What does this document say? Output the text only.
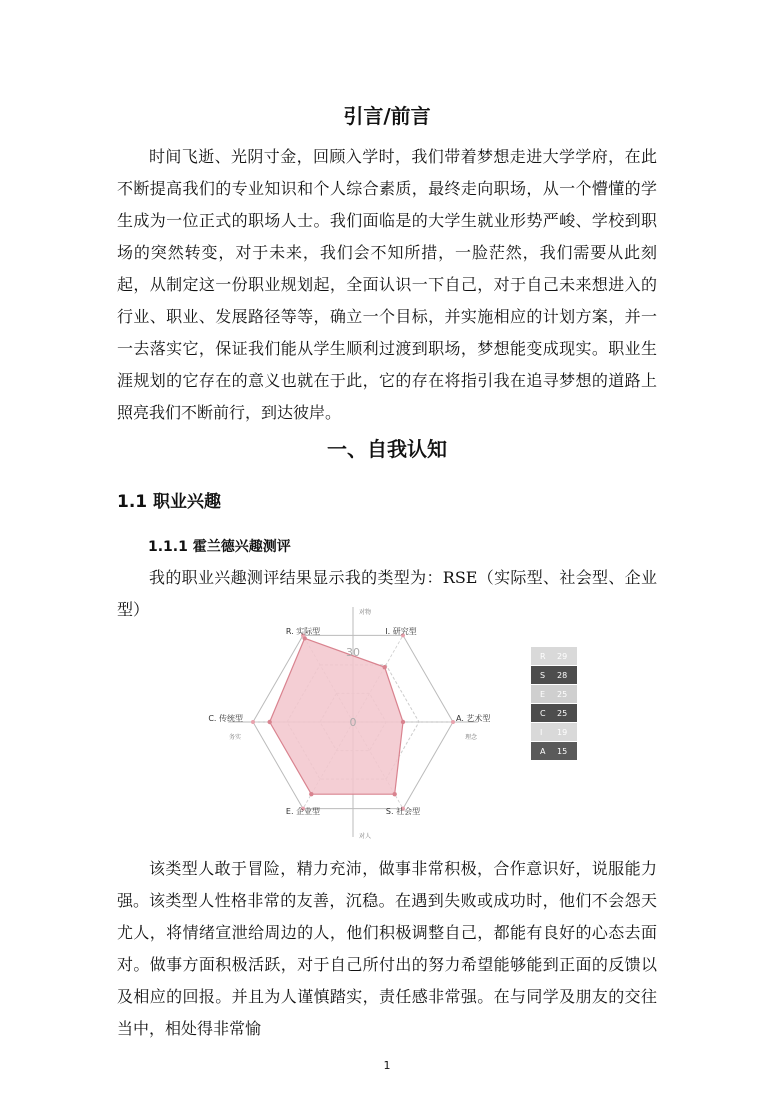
引言/前言

时间飞逝、光阴寸金，回顾入学时，我们带着梦想走进大学学府，在此不断提高我们的专业知识和个人综合素质，最终走向职场，从一个懵懂的学生成为一位正式的职场人士。我们面临是的大学生就业形势严峻、学校到职场的突然转变，对于未来，我们会不知所措，一脸茫然，我们需要从此刻起，从制定这一份职业规划起，全面认识一下自己，对于自己未来想进入的行业、职业、发展路径等等，确立一个目标，并实施相应的计划方案，并一一去落实它，保证我们能从学生顺利过渡到职场，梦想能变成现实。职业生涯规划的它存在的意义也就在于此，它的存在将指引我在追寻梦想的道路上照亮我们不断前行，到达彼岸。

一、自我认知
1.1 职业兴趣
1.1.1 霍兰德兴趣测评

我的职业兴趣测评结果显示我的类型为：RSE（实际型、社会型、企业型）

R. 实际型	I. 研究型
A. 艺术型
S. 社会型
E. 企业型
C. 传统型
30
0
对物
对人
务实	理念
R 29
S 28
E 25
C 25
I 19
A 15

该类型人敢于冒险，精力充沛，做事非常积极，合作意识好，说服能力强。 该类型人性格非常的友善，沉稳。在遇到失败或成功时，他们不会怨天尤人，将情绪宣泄给周边的人，他们积极调整自己，都能有良好的心态去面对。做事方面积极活跃，对于自己所付出的努力希望能够能到正面的反馈以及相应的回报。并且为人谨慎踏实，责任感非常强。在与同学及朋友的交往当中，相处得非常愉

1
